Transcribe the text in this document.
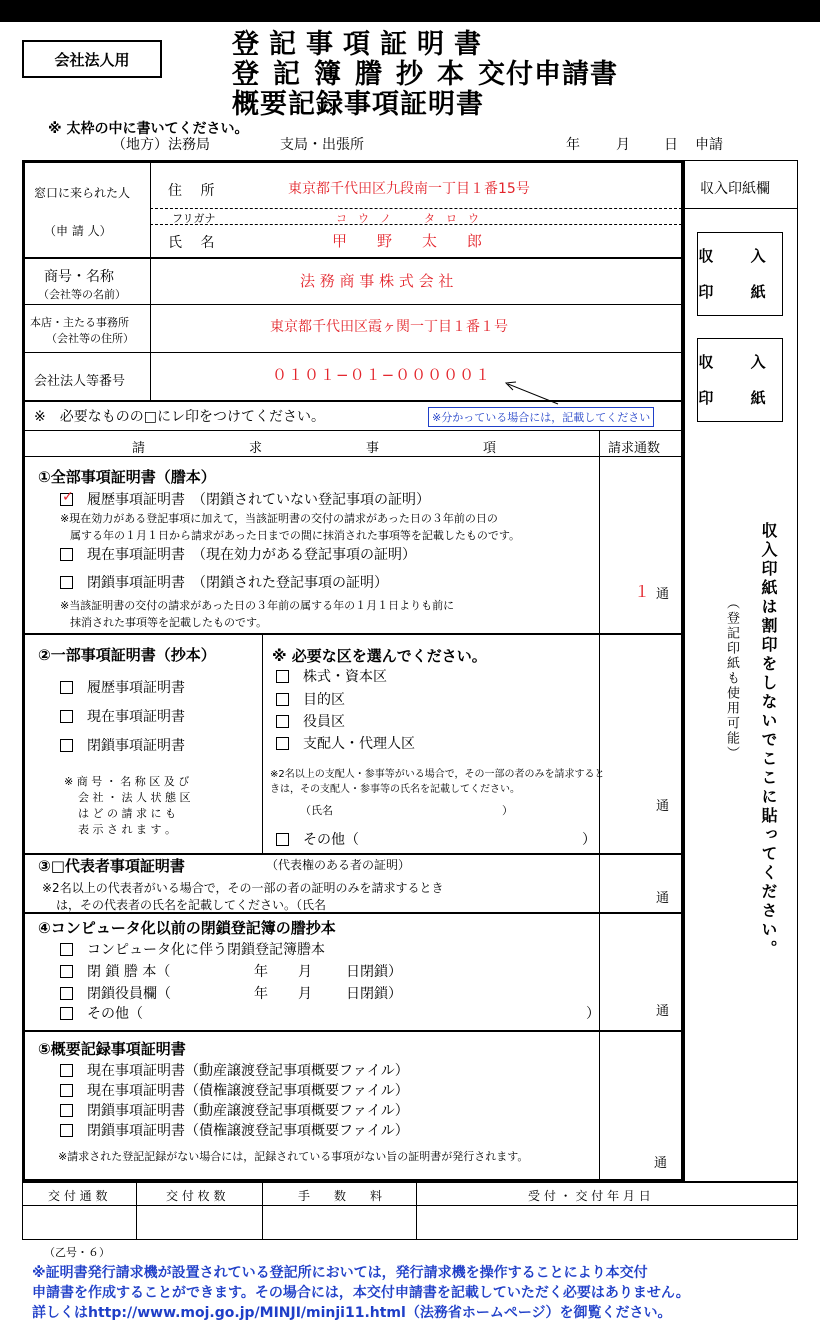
会社法人用	登記事項証明書
登記簿謄抄本交付申請書
概要記録事項証明書
※ 太枠の中に書いてください。
（地方）法務局	支局・出張所	年	月 日 申請
窓口に来られた人
（申 請 人）
住　 所	東京都千代田区九段南一丁目１番15号
フリガナ	コ　ウ　ノ　　　タ　ロ　ウ
氏　 名	甲　　野　　太　　郎
商号・名称
（会社等の名前）
法 務 商 事 株 式 会 社
本店・主たる事務所
（会社等の住所）
東京都千代田区霞ヶ関一丁目１番１号
会社法人等番号	０１０１−０１−０００００１
※　必要なものの□にレ印をつけてください。	※分かっている場合には，記載してください
請　　　　　　　　求　　　　　　　　事　　　　　　　　項	請求通数
①全部事項証明書（謄本）
✓履歴事項証明書　 （閉鎖されていない登記事項の証明）
※現在効力がある登記事項に加えて，当該証明書の交付の請求があった日の３年前の日の
属する年の１月１日から請求があった日までの間に抹消された事項等を記載したものです。
現在事項証明書　 （現在効力がある登記事項の証明）
閉鎖事項証明書　 （閉鎖された登記事項の証明）
※当該証明書の交付の請求があった日の３年前の属する年の１月１日よりも前に
抹消された事項等を記載したものです。
１ 通
②一部事項証明書（抄本）
履歴事項証明書
現在事項証明書
閉鎖事項証明書
※ 商 号 ・ 名 称 区 及 び
会 社 ・ 法 人 状 態 区
は ど の 請 求 に も
表 示 さ れ ま す 。
※ 必要な区を選んでください。
株式・資本区
目的区
役員区
支配人・代理人区
※2名以上の支配人・参事等がいる場合で，その一部の者のみを請求すると
きは，その支配人・参事等の氏名を記載してください。
（氏名	）
その他（	）
通
③□代表者事項証明書	（代表権のある者の証明）
※2名以上の代表者がいる場合で，その一部の者の証明のみを請求するとき
は，その代表者の氏名を記載してください。（氏名	通
④コンピュータ化以前の閉鎖登記簿の謄抄本
コンピュータ化に伴う閉鎖登記簿謄本
閉 鎖 謄 本（	年 月 日閉鎖）
閉鎖役員欄（	年 月 日閉鎖）
その他（	）	通
⑤概要記録事項証明書
現在事項証明書（動産譲渡登記事項概要ファイル）
現在事項証明書（債権譲渡登記事項概要ファイル）
閉鎖事項証明書（動産譲渡登記事項概要ファイル）
閉鎖事項証明書（債権譲渡登記事項概要ファイル）
※請求された登記記録がない場合には，記録されている事項がない旨の証明書が発行されます。	通
収入印紙欄
収 入
印 紙
収 入
印 紙
収入印紙は割印をしないでここに貼ってください。
（登記印紙も使用可能）
交 付 通 数	交 付 枚 数	手　　数　　料	受 付 ・ 交 付 年 月 日
（乙号・６）
※証明書発行請求機が設置されている登記所においては，発行請求機を操作することにより本交付
申請書を作成することができます。その場合には，本交付申請書を記載していただく必要はありません。
詳しくはhttp://www.moj.go.jp/MINJI/minji11.html（法務省ホームページ）を御覧ください。
